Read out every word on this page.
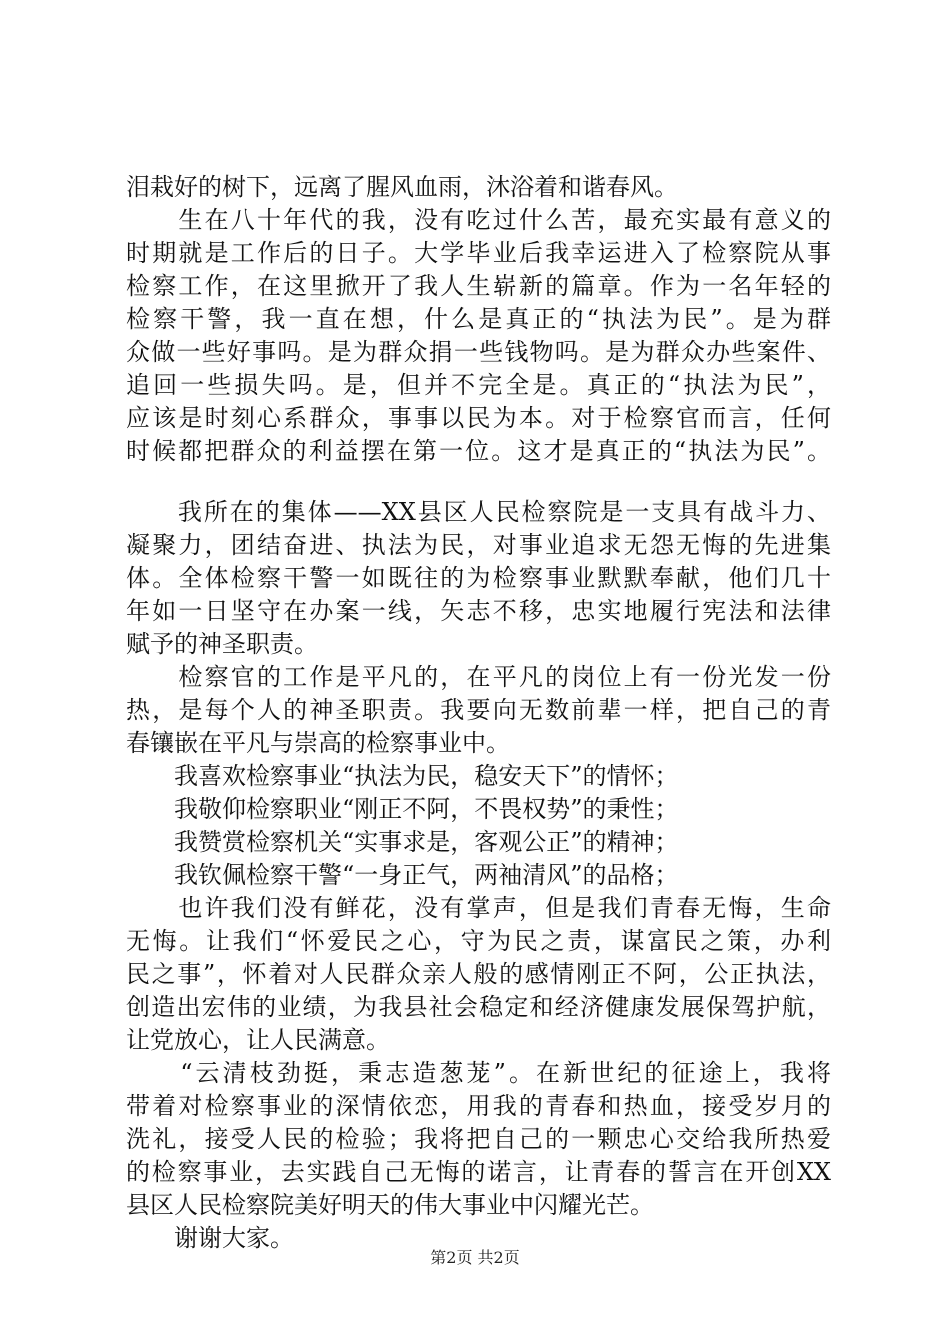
泪栽好的树下，远离了腥风血雨，沐浴着和谐春风。
　　生在八十年代的我，没有吃过什么苦，最充实最有意义的
时期就是工作后的日子。大学毕业后我幸运进入了检察院从事
检察工作，在这里掀开了我人生崭新的篇章。作为一名年轻的
检察干警，我一直在想，什么是真正的“执法为民”。是为群
众做一些好事吗。是为群众捐一些钱物吗。是为群众办些案件、
追回一些损失吗。是，但并不完全是。真正的“执法为民”，
应该是时刻心系群众，事事以民为本。对于检察官而言，任何
时候都把群众的利益摆在第一位。这才是真正的“执法为民”。
　　我所在的集体——XX县区人民检察院是一支具有战斗力、
凝聚力，团结奋进、执法为民，对事业追求无怨无悔的先进集
体。全体检察干警一如既往的为检察事业默默奉献，他们几十
年如一日坚守在办案一线，矢志不移，忠实地履行宪法和法律
赋予的神圣职责。
　　检察官的工作是平凡的，在平凡的岗位上有一份光发一份
热，是每个人的神圣职责。我要向无数前辈一样，把自己的青
春镶嵌在平凡与崇高的检察事业中。
　　我喜欢检察事业“执法为民，稳安天下”的情怀；
　　我敬仰检察职业“刚正不阿，不畏权势”的秉性；
　　我赞赏检察机关“实事求是，客观公正”的精神；
　　我钦佩检察干警“一身正气，两袖清风”的品格；
　　也许我们没有鲜花，没有掌声，但是我们青春无悔，生命
无悔。让我们“怀爱民之心，守为民之责，谋富民之策，办利
民之事”，怀着对人民群众亲人般的感情刚正不阿，公正执法，
创造出宏伟的业绩，为我县社会稳定和经济健康发展保驾护航，
让党放心，让人民满意。
　　“云清枝劲挺，秉志造葱茏”。在新世纪的征途上，我将
带着对检察事业的深情依恋，用我的青春和热血，接受岁月的
洗礼，接受人民的检验；我将把自己的一颗忠心交给我所热爱
的检察事业，去实践自己无悔的诺言，让青春的誓言在开创XX
县区人民检察院美好明天的伟大事业中闪耀光芒。
　　谢谢大家。
第2页 共2页
